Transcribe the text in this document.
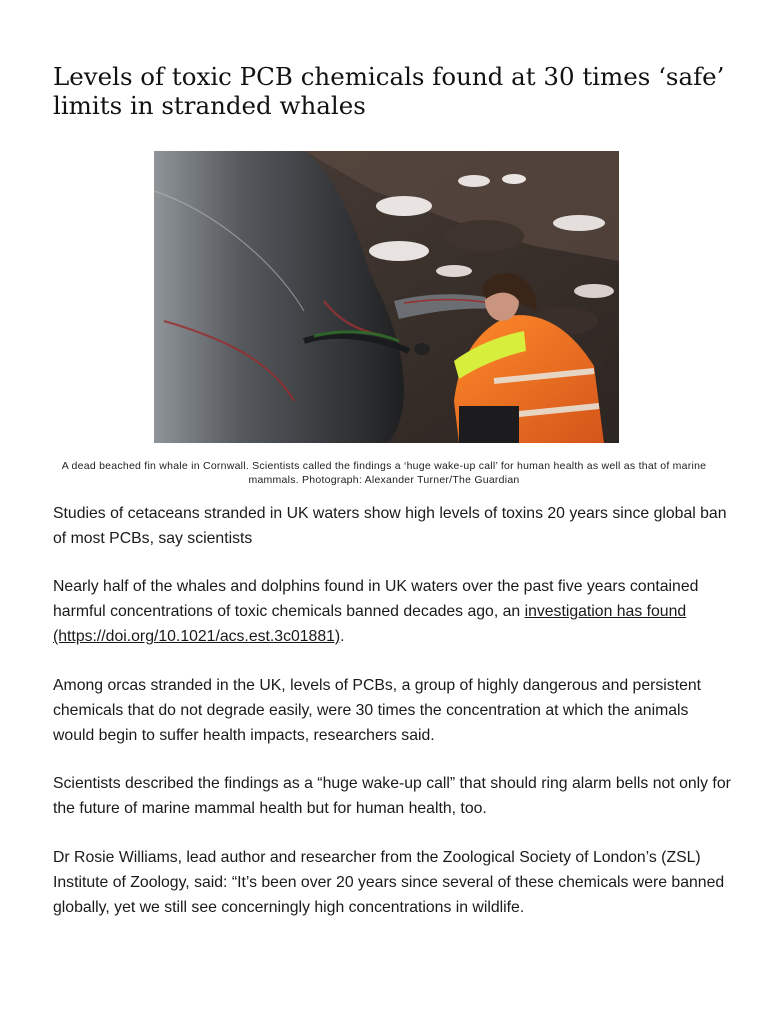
Levels of toxic PCB chemicals found at 30 times ‘safe’ limits in stranded whales
A dead beached fin whale in Cornwall. Scientists called the findings a ‘huge wake-up call’ for human health as well as that of marine mammals. Photograph: Alexander Turner/The Guardian

Studies of cetaceans stranded in UK waters show high levels of toxins 20 years since global ban of most PCBs, say scientists

Nearly half of the whales and dolphins found in UK waters over the past five years contained harmful concentrations of toxic chemicals banned decades ago, an investigation has found (https://doi.org/10.1021/acs.est.3c01881).

Among orcas stranded in the UK, levels of PCBs, a group of highly dangerous and persistent chemicals that do not degrade easily, were 30 times the concentration at which the animals would begin to suffer health impacts, researchers said.

Scientists described the findings as a “huge wake-up call” that should ring alarm bells not only for the future of marine mammal health but for human health, too.

Dr Rosie Williams, lead author and researcher from the Zoological Society of London’s (ZSL) Institute of Zoology, said: “It’s been over 20 years since several of these chemicals were banned globally, yet we still see concerningly high concentrations in wildlife.
